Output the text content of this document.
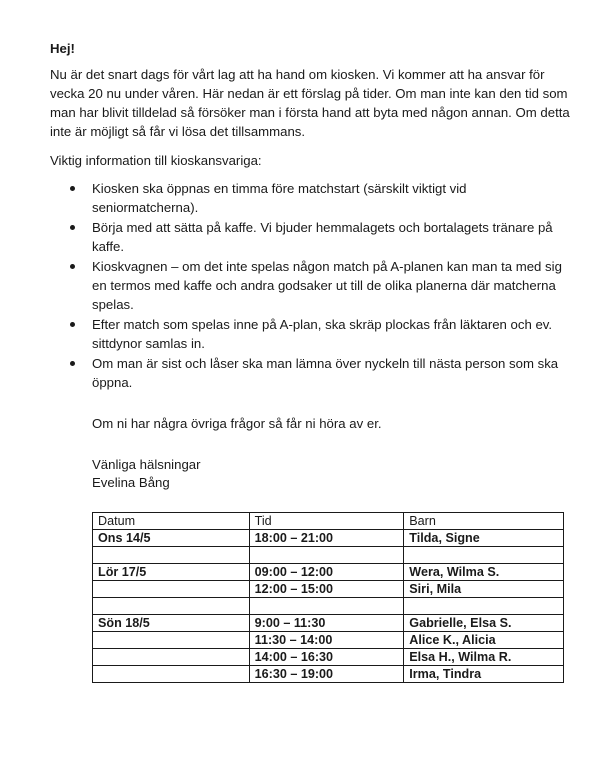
Hej!
Nu är det snart dags för vårt lag att ha hand om kiosken. Vi kommer att ha ansvar för vecka 20 nu under våren. Här nedan är ett förslag på tider. Om man inte kan den tid som man har blivit tilldelad så försöker man i första hand att byta med någon annan. Om detta inte är möjligt så får vi lösa det tillsammans.
Viktig information till kioskansvariga:
Kiosken ska öppnas en timma före matchstart (särskilt viktigt vid seniormatcherna).
Börja med att sätta på kaffe. Vi bjuder hemmalagets och bortalagets tränare på kaffe.
Kioskvagnen – om det inte spelas någon match på A-planen kan man ta med sig en termos med kaffe och andra godsaker ut till de olika planerna där matcherna spelas.
Efter match som spelas inne på A-plan, ska skräp plockas från läktaren och ev. sittdynor samlas in.
Om man är sist och låser ska man lämna över nyckeln till nästa person som ska öppna.
Om ni har några övriga frågor så får ni höra av er.
Vänliga hälsningar
Evelina Bång
Datum	Tid	Barn
Ons 14/5	18:00 – 21:00	Tilda, Signe

Lör 17/5	09:00 – 12:00	Wera, Wilma S.
	12:00 – 15:00	Siri, Mila

Sön 18/5	9:00 – 11:30	Gabrielle, Elsa S.
	11:30 – 14:00	Alice K., Alicia
	14:00 – 16:30	Elsa H., Wilma R.
	16:30 – 19:00	Irma, Tindra
